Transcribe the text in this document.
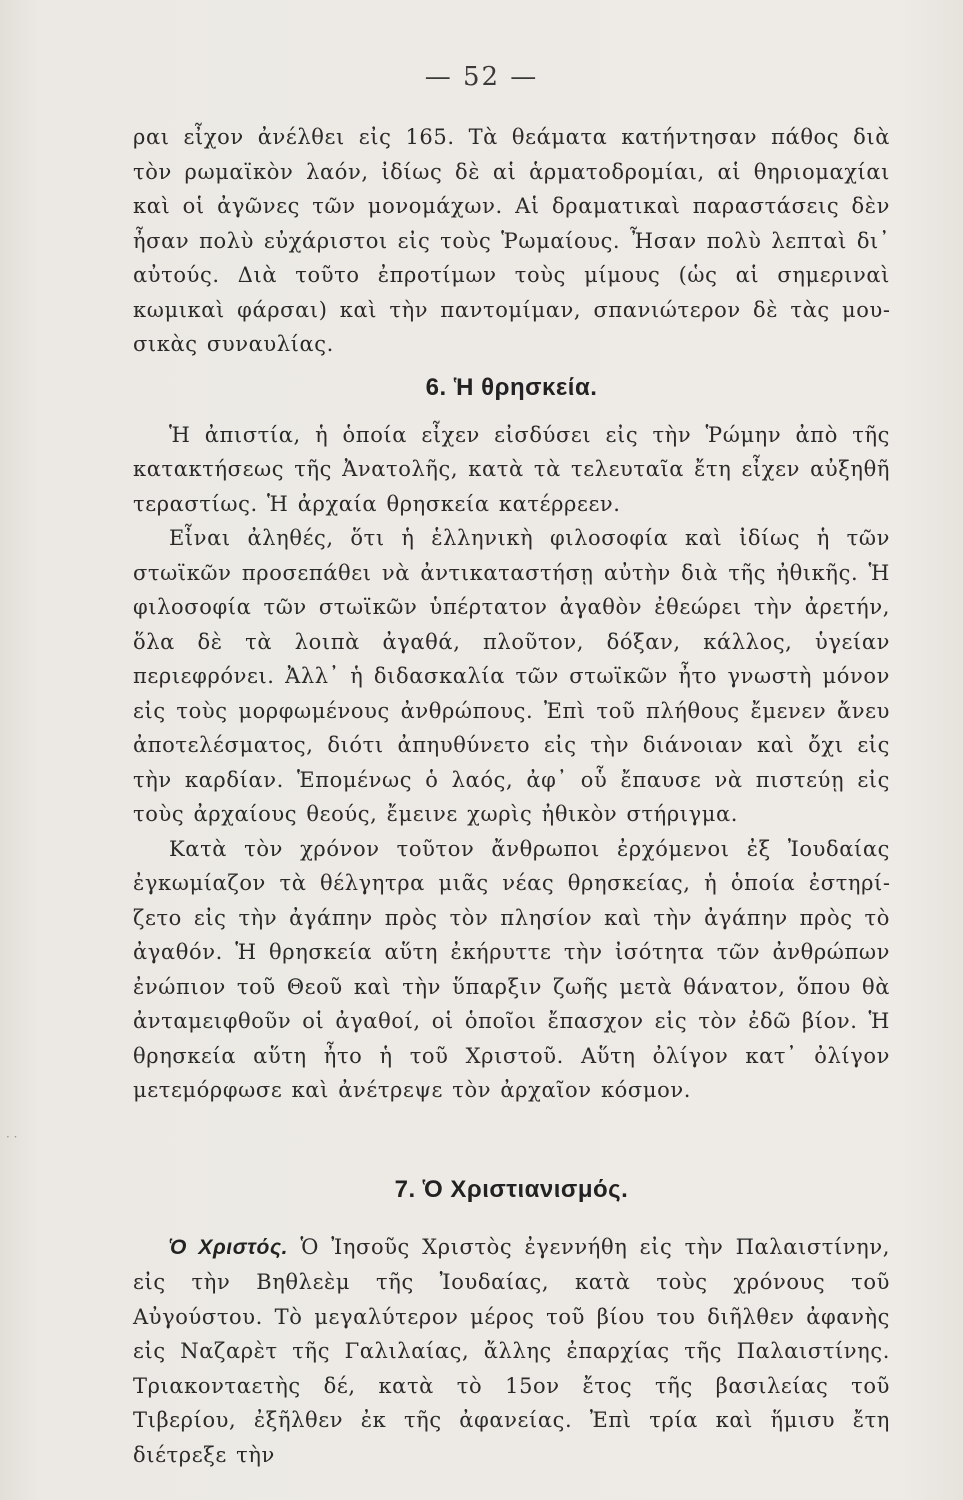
— 52 —
· ·

ραι εἶχον ἀνέλθει εἰς 165. Τὰ θεάματα κατήντησαν πάθος διὰ τὸν ρωμαϊκὸν λαόν, ἰδίως δὲ αἱ ἁρματοδρομίαι, αἱ θηριομαχίαι καὶ οἱ ἀγῶνες τῶν μονομάχων. Αἱ δραματικαὶ παραστάσεις δὲν ἦσαν πολὺ εὐχάριστοι εἰς τοὺς Ῥωμαίους. Ἦσαν πολὺ λεπταὶ δι᾽ αὐτούς. Διὰ τοῦτο ἐπροτίμων τοὺς μίμους (ὡς αἱ σημεριναὶ κωμικαὶ φάρσαι) καὶ τὴν παντομίμαν, σπανιώτερον δὲ τὰς μουσικὰς συναυλίας.

6. Ἡ θρησκεία.

Ἡ ἀπιστία, ἡ ὁποία εἶχεν εἰσδύσει εἰς τὴν Ῥώμην ἀπὸ τῆς κατακτήσεως τῆς Ἀνατολῆς, κατὰ τὰ τελευταῖα ἔτη εἶχεν αὐξηθῆ τεραστίως. Ἡ ἀρχαία θρησκεία κατέρρεεν.

Εἶναι ἀληθές, ὅτι ἡ ἑλληνικὴ φιλοσοφία καὶ ἰδίως ἡ τῶν στωϊκῶν προσεπάθει νὰ ἀντικαταστήσῃ αὐτὴν διὰ τῆς ἠθικῆς. Ἡ φιλοσοφία τῶν στωϊκῶν ὑπέρτατον ἀγαθὸν ἐθεώρει τὴν ἀρετήν, ὅλα δὲ τὰ λοιπὰ ἀγαθά, πλοῦτον, δόξαν, κάλλος, ὑγείαν περιεφρόνει. Ἀλλ᾽ ἡ διδασκαλία τῶν στωϊκῶν ἦτο γνωστὴ μόνον εἰς τοὺς μορφωμένους ἀνθρώπους. Ἐπὶ τοῦ πλήθους ἔμενεν ἄνευ ἀποτελέσματος, διότι ἀπηυθύνετο εἰς τὴν διάνοιαν καὶ ὄχι εἰς τὴν καρδίαν. Ἑπομένως ὁ λαός, ἀφ᾽ οὗ ἔπαυσε νὰ πιστεύῃ εἰς τοὺς ἀρχαίους θεούς, ἔμεινε χωρὶς ἠθικὸν στήριγμα.

Κατὰ τὸν χρόνον τοῦτον ἄνθρωποι ἐρχόμενοι ἐξ Ἰουδαίας ἐγκωμίαζον τὰ θέλγητρα μιᾶς νέας θρησκείας, ἡ ὁποία ἐστηρίζετο εἰς τὴν ἀγάπην πρὸς τὸν πλησίον καὶ τὴν ἀγάπην πρὸς τὸ ἀγαθόν. Ἡ θρησκεία αὕτη ἐκήρυττε τὴν ἰσότητα τῶν ἀνθρώπων ἐνώπιον τοῦ Θεοῦ καὶ τὴν ὕπαρξιν ζωῆς μετὰ θάνατον, ὅπου θὰ ἀνταμειφθοῦν οἱ ἀγαθοί, οἱ ὁποῖοι ἔπασχον εἰς τὸν ἐδῶ βίον. Ἡ θρησκεία αὕτη ἦτο ἡ τοῦ Χριστοῦ. Αὕτη ὀλίγον κατ᾽ ὀλίγον μετεμόρφωσε καὶ ἀνέτρεψε τὸν ἀρχαῖον κόσμον.

7. Ὁ Χριστιανισμός.

Ὁ Χριστός. Ὁ Ἰησοῦς Χριστὸς ἐγεννήθη εἰς τὴν Παλαιστίνην, εἰς τὴν Βηθλεὲμ τῆς Ἰουδαίας, κατὰ τοὺς χρόνους τοῦ Αὐγούστου. Τὸ μεγαλύτερον μέρος τοῦ βίου του διῆλθεν ἀφανὴς εἰς Ναζαρὲτ τῆς Γαλιλαίας, ἄλλης ἐπαρχίας τῆς Παλαιστίνης. Τριακονταετὴς δέ, κατὰ τὸ 15ον ἔτος τῆς βασιλείας τοῦ Τιβερίου, ἐξῆλθεν ἐκ τῆς ἀφανείας. Ἐπὶ τρία καὶ ἥμισυ ἔτη διέτρεξε τὴν
